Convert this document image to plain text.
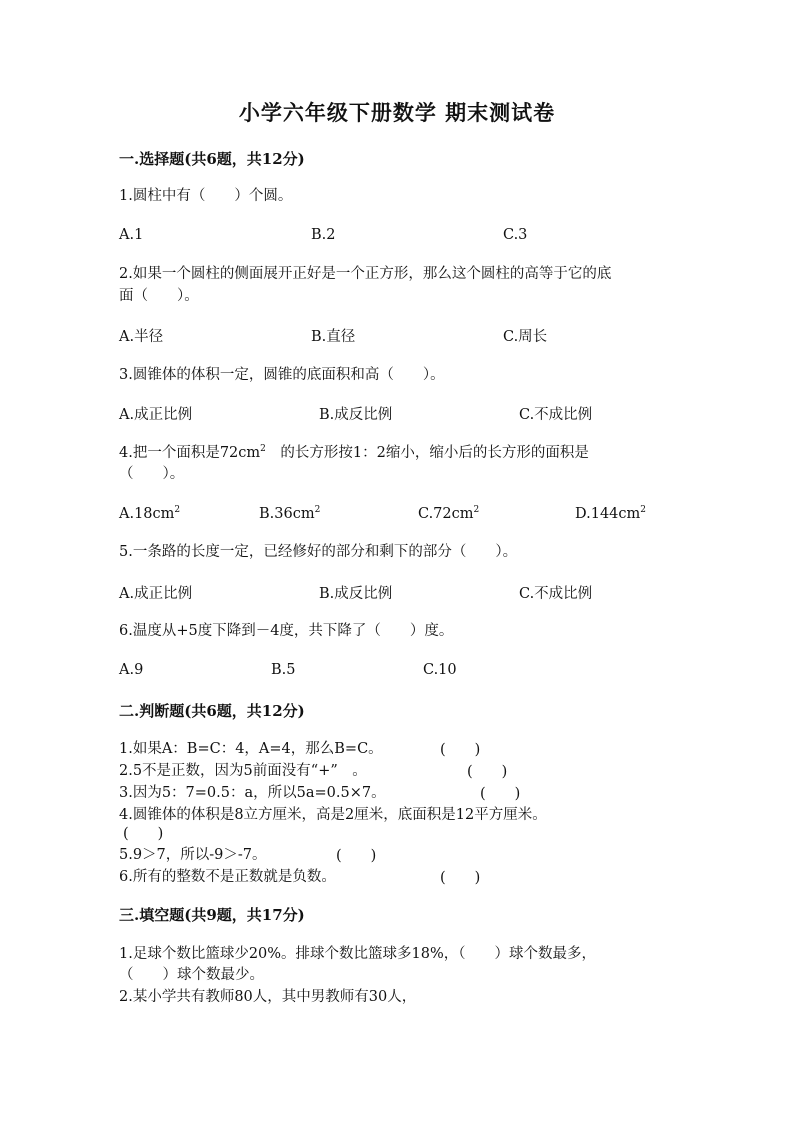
小学六年级下册数学 期末测试卷
一.选择题(共6题，共12分)
1.圆柱中有（　　）个圆。
A.1	B.2	C.3
2.如果一个圆柱的侧面展开正好是一个正方形，那么这个圆柱的高等于它的底
面（　　）。
A.半径	B.直径	C.周长
3.圆锥体的体积一定，圆锥的底面积和高（　　）。
A.成正比例	B.成反比例	C.不成比例
4.把一个面积是$72cm^2$　 的长方形按1：2缩小，缩小后的长方形的面积是
（　　）。
$A.18cm^2$	$B.36cm^2$	$C.72cm^2$	$D.144cm^2$
5.一条路的长度一定，已经修好的部分和剩下的部分（　　）。
A.成正比例	B.成反比例	C.不成比例
6.温度从+5度下降到－4度，共下降了（　　）度。
A.9	B.5	C.10
二.判断题(共6题，共12分)
1.如果A：B=C：4，A=4，那么B=C。	(　　)
2.5不是正数，因为5前面没有“+”　。	(　　)
3.因为5：7=0.5：a，所以5a=0.5×7。	(　　)
4.圆锥体的体积是8立方厘米，高是2厘米，底面积是12平方厘米。
(　　)
5.9＞7，所以-9＞-7。	(　　)
6.所有的整数不是正数就是负数。	(　　)
三.填空题(共9题，共17分)
1.足球个数比篮球少20%。排球个数比篮球多18%，（　　）球个数最多，
（　　）球个数最少。
2.某小学共有教师80人，其中男教师有30人，
